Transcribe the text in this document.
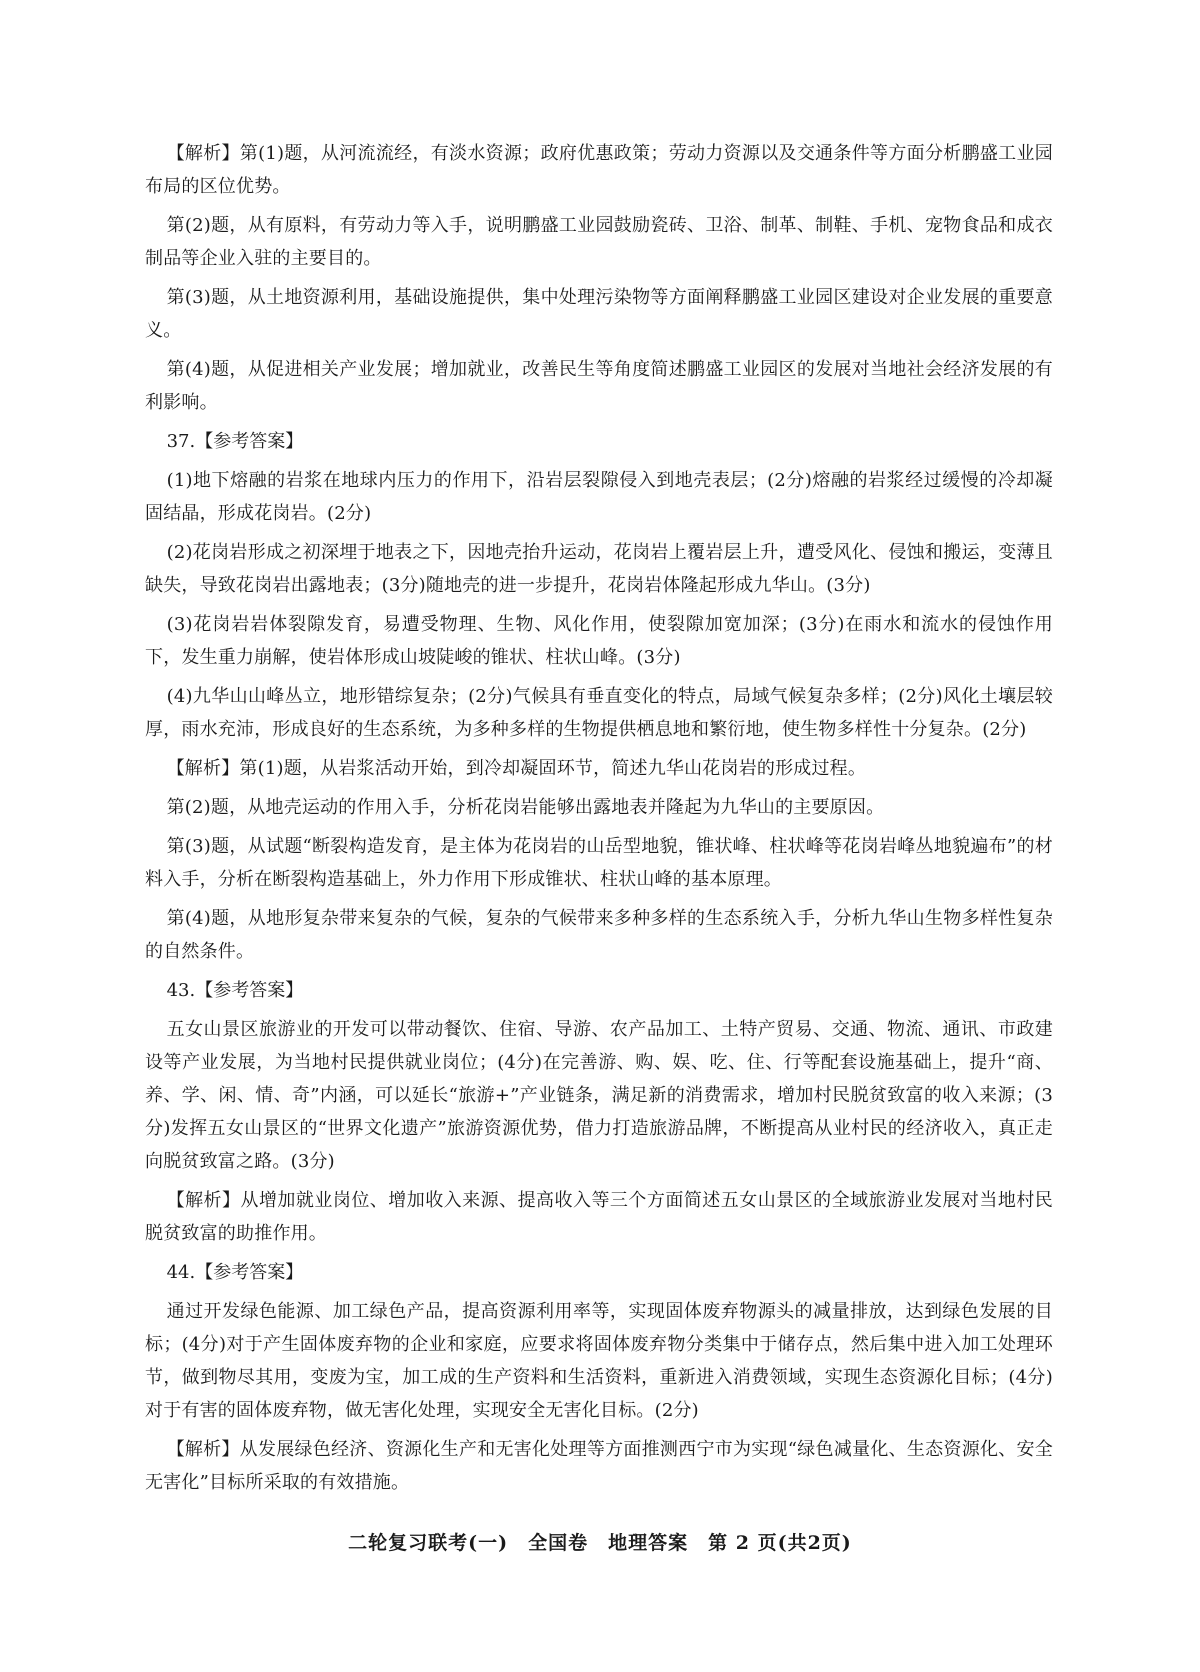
【解析】第(1)题，从河流流经，有淡水资源；政府优惠政策；劳动力资源以及交通条件等方面分析鹏盛工业园布局的区位优势。

第(2)题，从有原料，有劳动力等入手，说明鹏盛工业园鼓励瓷砖、卫浴、制革、制鞋、手机、宠物食品和成衣制品等企业入驻的主要目的。

第(3)题，从土地资源利用，基础设施提供，集中处理污染物等方面阐释鹏盛工业园区建设对企业发展的重要意义。

第(4)题，从促进相关产业发展；增加就业，改善民生等角度简述鹏盛工业园区的发展对当地社会经济发展的有利影响。

37.【参考答案】

(1)地下熔融的岩浆在地球内压力的作用下，沿岩层裂隙侵入到地壳表层；(2分)熔融的岩浆经过缓慢的冷却凝固结晶，形成花岗岩。(2分)

(2)花岗岩形成之初深埋于地表之下，因地壳抬升运动，花岗岩上覆岩层上升，遭受风化、侵蚀和搬运，变薄且缺失，导致花岗岩出露地表；(3分)随地壳的进一步提升，花岗岩体隆起形成九华山。(3分)

(3)花岗岩岩体裂隙发育，易遭受物理、生物、风化作用，使裂隙加宽加深；(3分)在雨水和流水的侵蚀作用下，发生重力崩解，使岩体形成山坡陡峻的锥状、柱状山峰。(3分)

(4)九华山山峰丛立，地形错综复杂；(2分)气候具有垂直变化的特点，局域气候复杂多样；(2分)风化土壤层较厚，雨水充沛，形成良好的生态系统，为多种多样的生物提供栖息地和繁衍地，使生物多样性十分复杂。(2分)

【解析】第(1)题，从岩浆活动开始，到冷却凝固环节，简述九华山花岗岩的形成过程。

第(2)题，从地壳运动的作用入手，分析花岗岩能够出露地表并隆起为九华山的主要原因。

第(3)题，从试题“断裂构造发育，是主体为花岗岩的山岳型地貌，锥状峰、柱状峰等花岗岩峰丛地貌遍布”的材料入手，分析在断裂构造基础上，外力作用下形成锥状、柱状山峰的基本原理。

第(4)题，从地形复杂带来复杂的气候，复杂的气候带来多种多样的生态系统入手，分析九华山生物多样性复杂的自然条件。

43.【参考答案】

五女山景区旅游业的开发可以带动餐饮、住宿、导游、农产品加工、土特产贸易、交通、物流、通讯、市政建设等产业发展，为当地村民提供就业岗位；(4分)在完善游、购、娱、吃、住、行等配套设施基础上，提升“商、养、学、闲、情、奇”内涵，可以延长“旅游+”产业链条，满足新的消费需求，增加村民脱贫致富的收入来源；(3分)发挥五女山景区的“世界文化遗产”旅游资源优势，借力打造旅游品牌，不断提高从业村民的经济收入，真正走向脱贫致富之路。(3分)

【解析】从增加就业岗位、增加收入来源、提高收入等三个方面简述五女山景区的全域旅游业发展对当地村民脱贫致富的助推作用。

44.【参考答案】

通过开发绿色能源、加工绿色产品，提高资源利用率等，实现固体废弃物源头的减量排放，达到绿色发展的目标；(4分)对于产生固体废弃物的企业和家庭，应要求将固体废弃物分类集中于储存点，然后集中进入加工处理环节，做到物尽其用，变废为宝，加工成的生产资料和生活资料，重新进入消费领域，实现生态资源化目标；(4分)对于有害的固体废弃物，做无害化处理，实现安全无害化目标。(2分)

【解析】从发展绿色经济、资源化生产和无害化处理等方面推测西宁市为实现“绿色减量化、生态资源化、安全无害化”目标所采取的有效措施。

二轮复习联考(一)　全国卷　地理答案　第 2 页(共2页)
